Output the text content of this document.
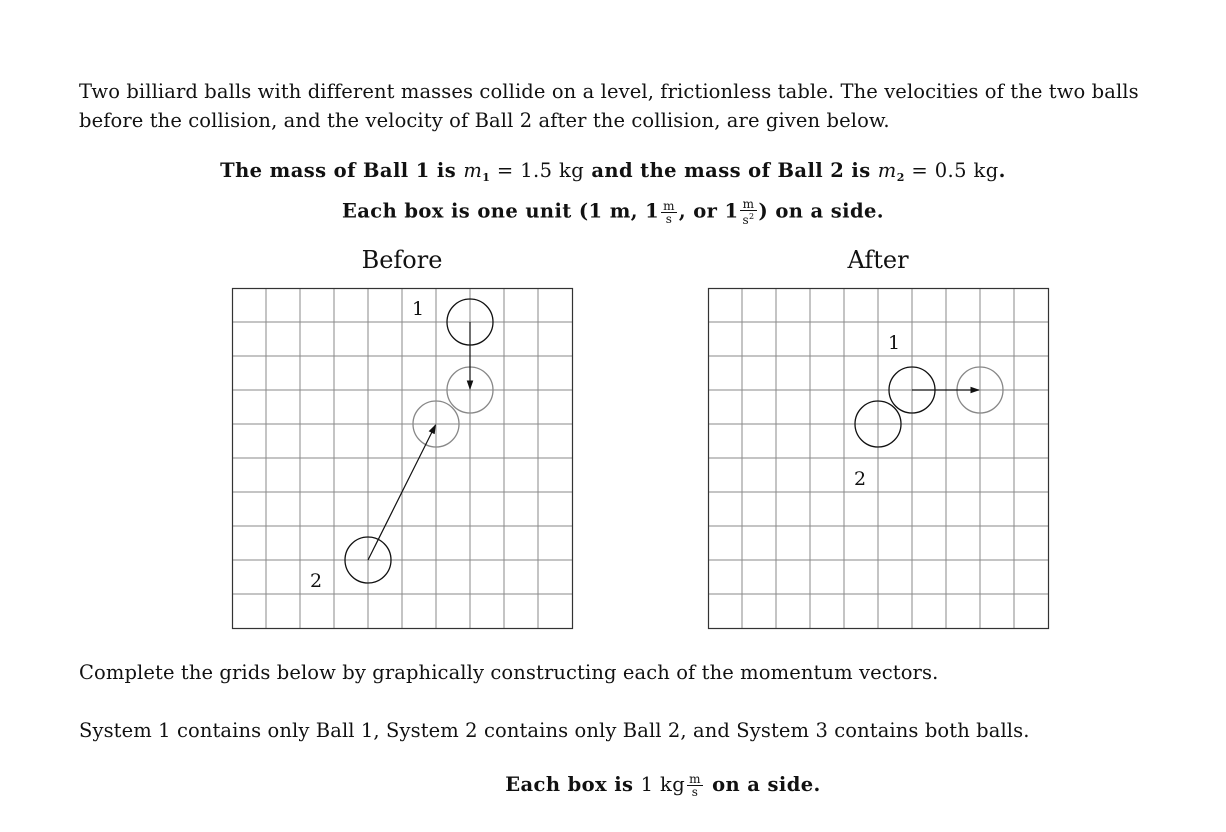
Two billiard balls with different masses collide on a level, frictionless table. The velocities of the two balls
before the collision, and the velocity of Ball 2 after the collision, are given below.
The mass of Ball 1 is $m_1 = 1.5$ kg and the mass of Ball 2 is $m_2 = 0.5$ kg.
Each box is one unit (1 m, $1 \frac{m}{s}$ , or $1 \frac{m}{s^2}$ ) on a side.
Before	After
1
2
1
2
Complete the grids below by graphically constructing each of the momentum vectors.
System 1 contains only Ball 1, System 2 contains only Ball 2, and System 3 contains both balls.
Each box is 1 kg $\frac{m}{s}$ on a side.
